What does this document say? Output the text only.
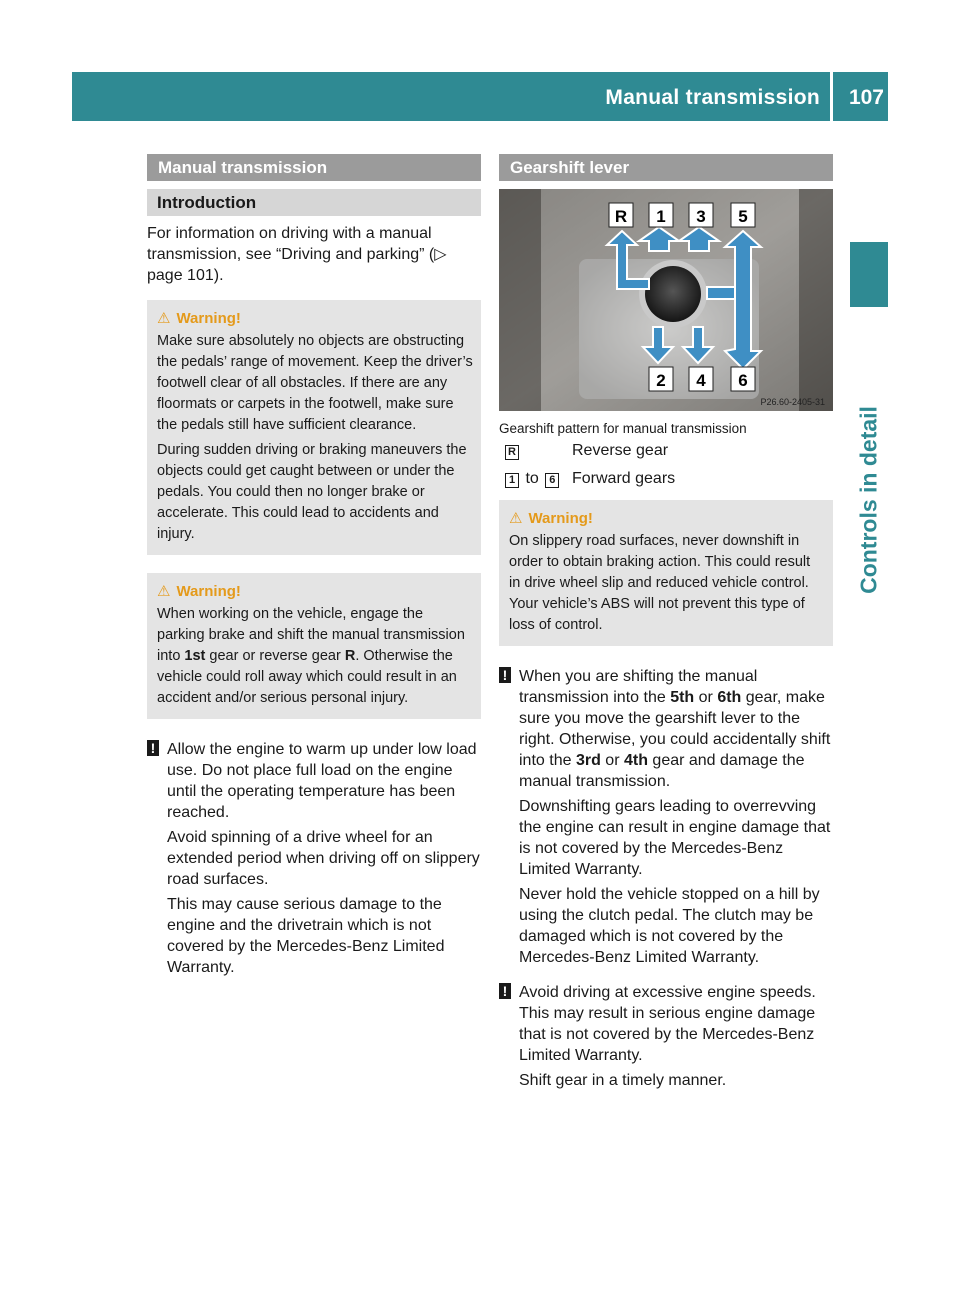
Manual transmission 107
Controls in detail
Manual transmission
Introduction

For information on driving with a manual transmission, see “Driving and parking” (▷ page 101).

⚠ Warning!

Make sure absolutely no objects are obstructing the pedals’ range of movement. Keep the driver’s footwell clear of all obstacles. If there are any floormats or carpets in the footwell, make sure the pedals still have sufficient clearance.

During sudden driving or braking maneuvers the objects could get caught between or under the pedals. You could then no longer brake or accelerate. This could lead to accidents and injury.

⚠ Warning!

When working on the vehicle, engage the parking brake and shift the manual transmission into 1st gear or reverse gear R. Otherwise the vehicle could roll away which could result in an accident and/or serious personal injury.

! Allow the engine to warm up under low load use. Do not place full load on the engine until the operating temperature has been reached.

Avoid spinning of a drive wheel for an extended period when driving off on slippery road surfaces.

This may cause serious damage to the engine and the drivetrain which is not covered by the Mercedes-Benz Limited Warranty.

Gearshift lever
R 1 3 5
2 4 6
P26.60-2405-31
Gearshift pattern for manual transmission
R	Reverse gear
1 to 6	Forward gears
⚠ Warning!

On slippery road surfaces, never downshift in order to obtain braking action. This could result in drive wheel slip and reduced vehicle control. Your vehicle’s ABS will not prevent this type of loss of control.

! When you are shifting the manual transmission into the 5th or 6th gear, make sure you move the gearshift lever to the right. Otherwise, you could accidentally shift into the 3rd or 4th gear and damage the manual transmission.

Downshifting gears leading to overrevving the engine can result in engine damage that is not covered by the Mercedes-Benz Limited Warranty.

Never hold the vehicle stopped on a hill by using the clutch pedal. The clutch may be damaged which is not covered by the Mercedes-Benz Limited Warranty.

! Avoid driving at excessive engine speeds. This may result in serious engine damage that is not covered by the Mercedes-Benz Limited Warranty.

Shift gear in a timely manner.
